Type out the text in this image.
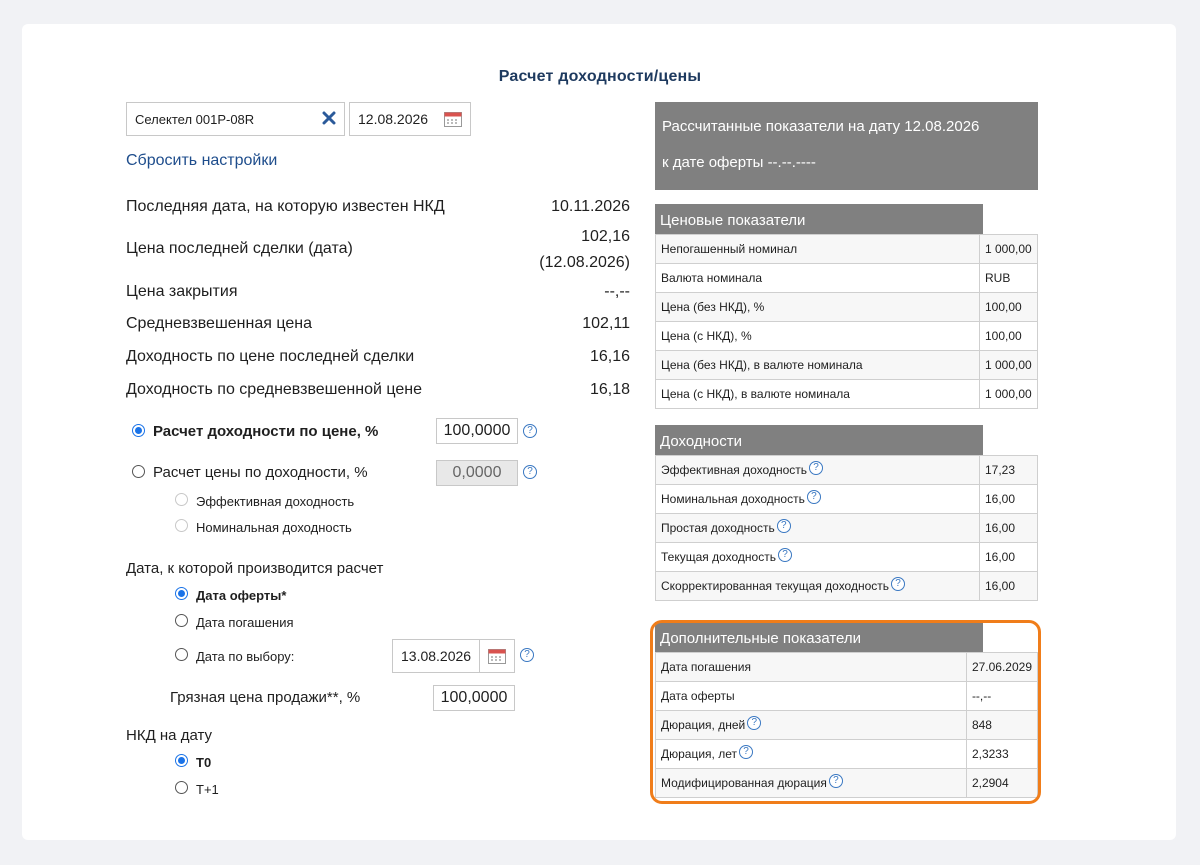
Расчет доходности/цены
Селектел 001P-08R	12.08.2026
Сбросить настройки
Последняя дата, на которую известен НКД	10.11.2026
Цена последней сделки (дата)
102,16
(12.08.2026)
Цена закрытия	--,--
Средневзвешенная цена	102,11
Доходность по цене последней сделки	16,16
Доходность по средневзвешенной цене	16,18
Расчет доходности по цене, %	100,0000	?
Расчет цены по доходности, %	0,0000	?
Эффективная доходность
Номинальная доходность
Дата, к которой производится расчет
Дата оферты*
Дата погашения
Дата по выбору:	13.08.2026	?
Грязная цена продажи**, %	100,0000
НКД на дату
Т0
Т+1
Рассчитанные показатели на дату 12.08.2026
к дате оферты --.--.----
Ценовые показатели
Непогашенный номинал	1 000,00
Валюта номинала	RUB
Цена (без НКД), %	100,00
Цена (с НКД), %	100,00
Цена (без НКД), в валюте номинала	1 000,00
Цена (с НКД), в валюте номинала	1 000,00
Доходности
Эффективная доходность ?	17,23
Номинальная доходность ?	16,00
Простая доходность ?	16,00
Текущая доходность ?	16,00
Скорректированная текущая доходность ?	16,00
Дополнительные показатели
Дата погашения	27.06.2029
Дата оферты	--,--
Дюрация, дней ?	848
Дюрация, лет ?	2,3233
Модифицированная дюрация ?	2,2904
